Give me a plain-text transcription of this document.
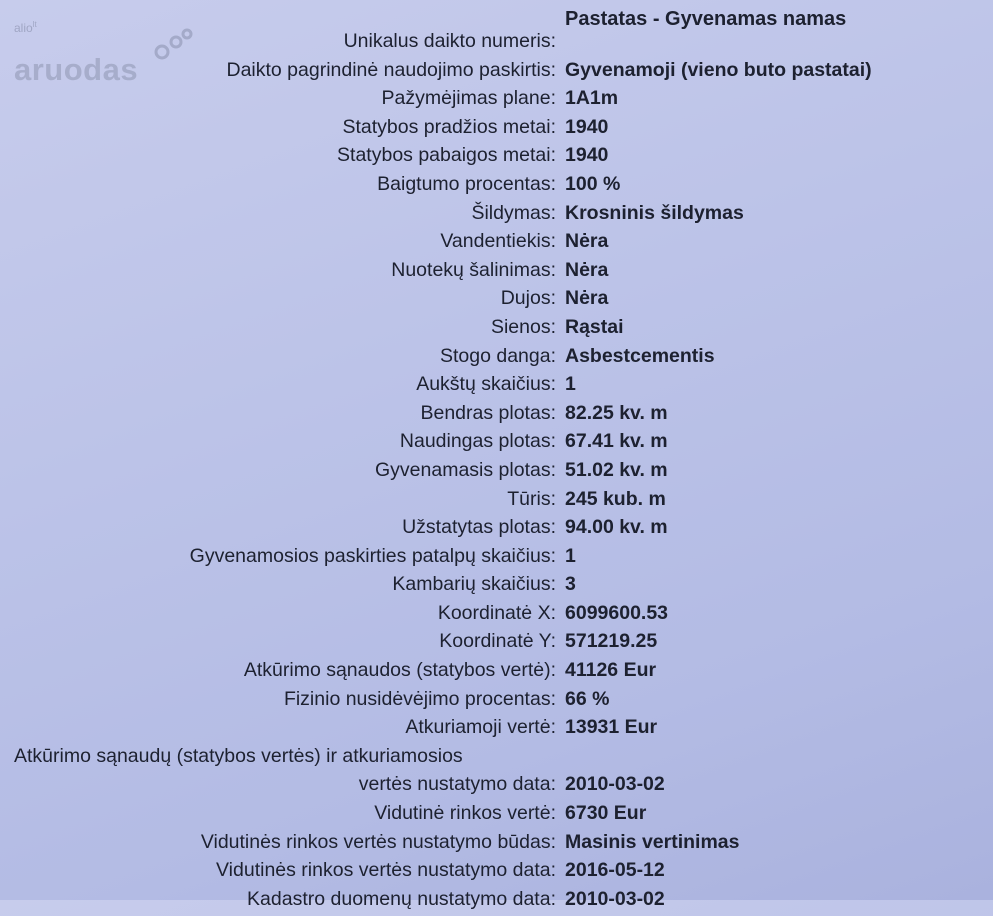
alio$^{lt}$
aruodas
Pastatas - Gyvenamas namas
Unikalus daikto numeris:
Daikto pagrindinė naudojimo paskirtis: Gyvenamoji (vieno buto pastatai)
Pažymėjimas plane: 1A1m
Statybos pradžios metai: 1940
Statybos pabaigos metai: 1940
Baigtumo procentas: 100 %
Šildymas: Krosninis šildymas
Vandentiekis: Nėra
Nuotekų šalinimas: Nėra
Dujos: Nėra
Sienos: Rąstai
Stogo danga: Asbestcementis
Aukštų skaičius: 1
Bendras plotas: 82.25 kv. m
Naudingas plotas: 67.41 kv. m
Gyvenamasis plotas: 51.02 kv. m
Tūris: 245 kub. m
Užstatytas plotas: 94.00 kv. m
Gyvenamosios paskirties patalpų skaičius: 1
Kambarių skaičius: 3
Koordinatė X: 6099600.53
Koordinatė Y: 571219.25
Atkūrimo sąnaudos (statybos vertė): 41126 Eur
Fizinio nusidėvėjimo procentas: 66 %
Atkuriamoji vertė: 13931 Eur
Atkūrimo sąnaudų (statybos vertės) ir atkuriamosios
vertės nustatymo data: 2010-03-02
Vidutinė rinkos vertė: 6730 Eur
Vidutinės rinkos vertės nustatymo būdas: Masinis vertinimas
Vidutinės rinkos vertės nustatymo data: 2016-05-12
Kadastro duomenų nustatymo data: 2010-03-02
